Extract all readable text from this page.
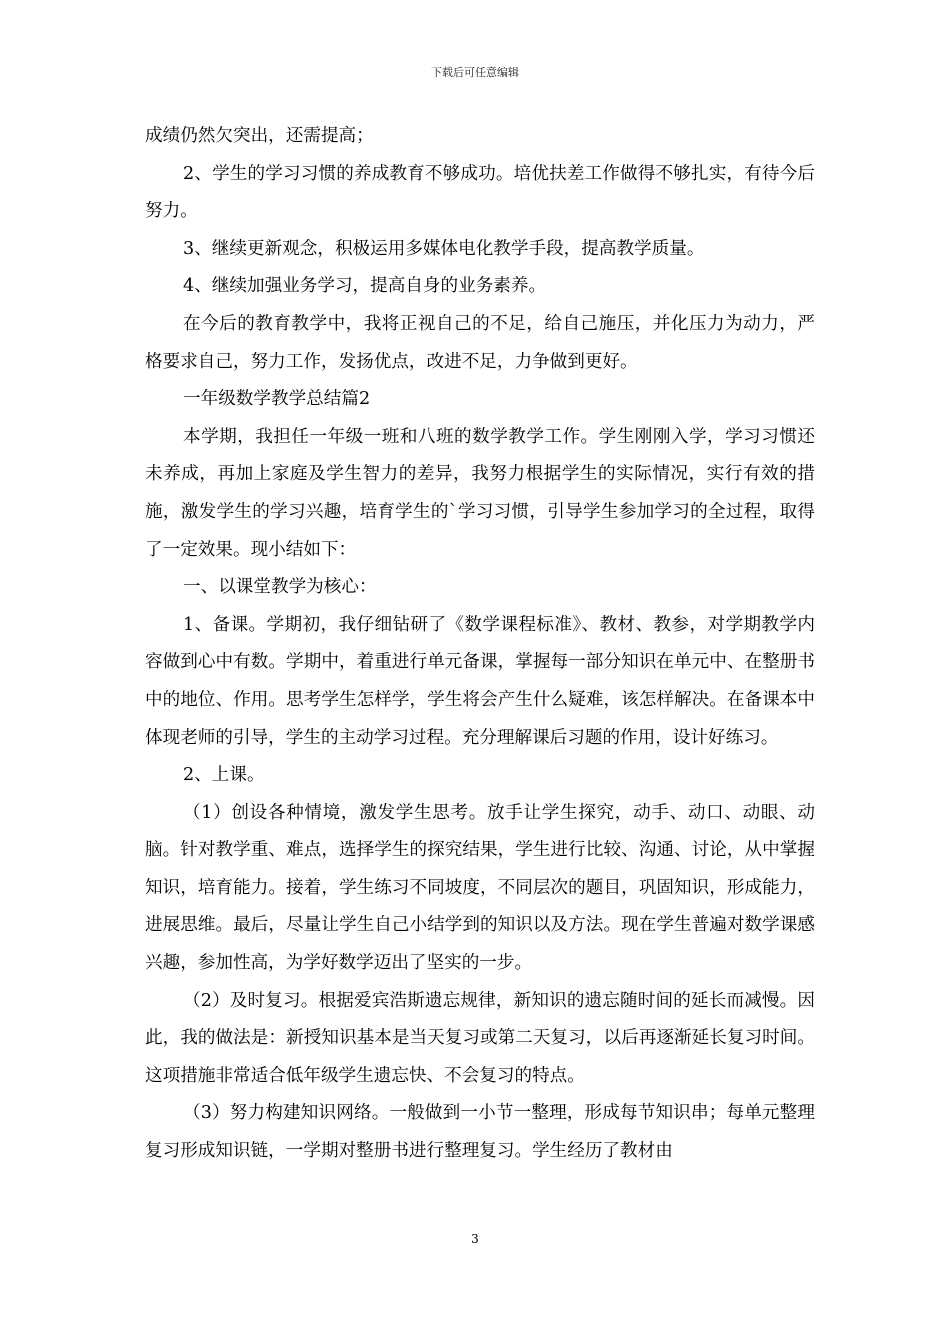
下载后可任意编辑

成绩仍然欠突出，还需提高；

2、学生的学习习惯的养成教育不够成功。培优扶差工作做得不够扎实，有待今后努力。

3、继续更新观念，积极运用多媒体电化教学手段，提高教学质量。

4、继续加强业务学习，提高自身的业务素养。

在今后的教育教学中，我将正视自己的不足，给自己施压，并化压力为动力，严格要求自己，努力工作，发扬优点，改进不足，力争做到更好。

一年级数学教学总结篇2

本学期，我担任一年级一班和八班的数学教学工作。学生刚刚入学，学习习惯还未养成，再加上家庭及学生智力的差异，我努力根据学生的实际情况，实行有效的措施，激发学生的学习兴趣，培育学生的`学习习惯，引导学生参加学习的全过程，取得了一定效果。现小结如下：

一、以课堂教学为核心：

1、备课。学期初，我仔细钻研了《数学课程标准》、教材、教参，对学期教学内容做到心中有数。学期中，着重进行单元备课，掌握每一部分知识在单元中、在整册书中的地位、作用。思考学生怎样学，学生将会产生什么疑难，该怎样解决。在备课本中体现老师的引导，学生的主动学习过程。充分理解课后习题的作用，设计好练习。

2、上课。

（1）创设各种情境，激发学生思考。放手让学生探究，动手、动口、动眼、动脑。针对教学重、难点，选择学生的探究结果，学生进行比较、沟通、讨论，从中掌握知识，培育能力。接着，学生练习不同坡度，不同层次的题目，巩固知识，形成能力，进展思维。最后，尽量让学生自己小结学到的知识以及方法。现在学生普遍对数学课感兴趣，参加性高，为学好数学迈出了坚实的一步。

（2）及时复习。根据爱宾浩斯遗忘规律，新知识的遗忘随时间的延长而减慢。因此，我的做法是：新授知识基本是当天复习或第二天复习，以后再逐渐延长复习时间。这项措施非常适合低年级学生遗忘快、不会复习的特点。

（3）努力构建知识网络。一般做到一小节一整理，形成每节知识串；每单元整理复习形成知识链，一学期对整册书进行整理复习。学生经历了教材由

3
